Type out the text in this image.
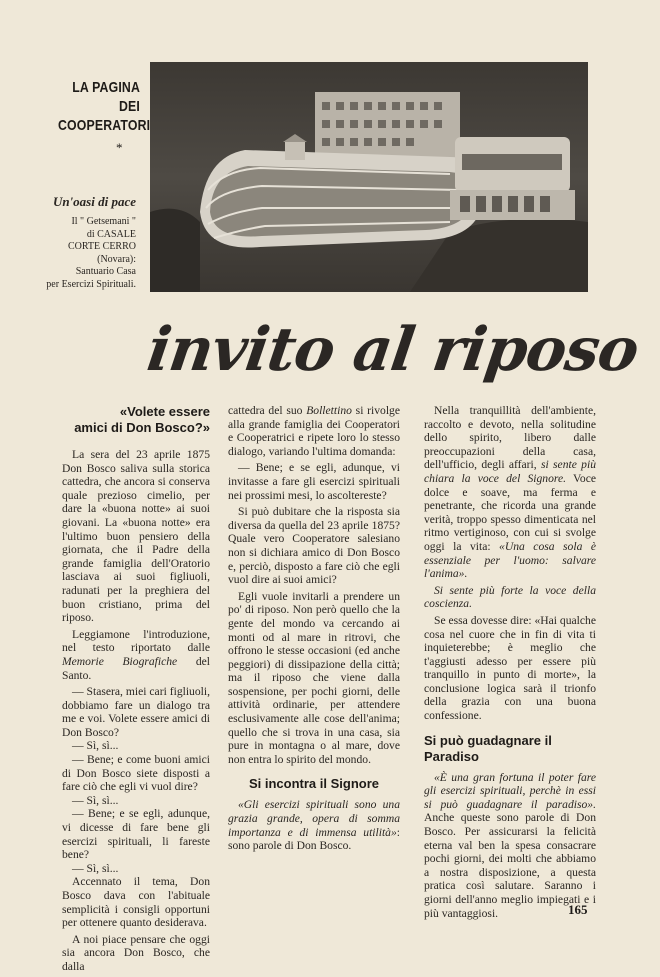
LA PAGINA
DEI COOPERATORI
*
Un'oasi di pace
Il " Getsemani "
di CASALE
CORTE CERRO
(Novara):
Santuario Casa
per Esercizi Spirituali.
invito al riposo
«Volete essere
amici di Don Bosco?»

La sera del 23 aprile 1875 Don Bosco saliva sulla storica cattedra, che ancora si conserva quale prezioso cimelio, per dare la «buona notte» ai suoi giovani. La «buona notte» era l'ultimo buon pensiero della giornata, che il Padre della grande famiglia dell'Oratorio lasciava ai suoi figliuoli, radunati per la preghiera del buon cristiano, prima del riposo.

Leggiamone l'introduzione, nel testo riportato dalle Memorie Biografiche del Santo.

— Stasera, miei cari figliuoli, dobbiamo fare un dialogo tra me e voi. Volete essere amici di Don Bosco?

— Sì, sì...

— Bene; e come buoni amici di Don Bosco siete disposti a fare ciò che egli vi vuol dire?

— Sì, sì...

— Bene; e se egli, adunque, vi dicesse di fare bene gli esercizi spirituali, li fareste bene?

— Sì, sì...

Accennato il tema, Don Bosco dava con l'abituale semplicità i consigli opportuni per ottenere quanto desiderava.

A noi piace pensare che oggi sia ancora Don Bosco, che dalla

cattedra del suo Bollettino si rivolge alla grande famiglia dei Cooperatori e Cooperatrici e ripete loro lo stesso dialogo, variando l'ultima domanda:

— Bene; e se egli, adunque, vi invitasse a fare gli esercizi spirituali nei prossimi mesi, lo ascoltereste?

Si può dubitare che la risposta sia diversa da quella del 23 aprile 1875? Quale vero Cooperatore salesiano non si dichiara amico di Don Bosco e, perciò, disposto a fare ciò che egli vuol dire ai suoi amici?

Egli vuole invitarli a prendere un po' di riposo. Non però quello che la gente del mondo va cercando ai monti od al mare in ritrovi, che offrono le stesse occasioni (ed anche peggiori) di dissipazione della città; ma il riposo che viene dalla sospensione, per pochi giorni, delle attività ordinarie, per attendere esclusivamente alle cose dell'anima; quello che si trova in una casa, sia pure in montagna o al mare, dove non entra lo spirito del mondo.

Si incontra il Signore

«Gli esercizi spirituali sono una grazia grande, opera di somma importanza e di immensa utilità»: sono parole di Don Bosco.

Nella tranquillità dell'ambiente, raccolto e devoto, nella solitudine dello spirito, libero dalle preoccupazioni della casa, dell'ufficio, degli affari, si sente più chiara la voce del Signore. Voce dolce e soave, ma ferma e penetrante, che ricorda una grande verità, troppo spesso dimenticata nel ritmo vertiginoso, con cui si svolge oggi la vita: «Una cosa sola è essenziale per l'uomo: salvare l'anima».

Si sente più forte la voce della coscienza.

Se essa dovesse dire: «Hai qualche cosa nel cuore che in fin di vita ti inquieterebbe; è meglio che t'aggiusti adesso per essere più tranquillo in punto di morte», la conclusione logica sarà il trionfo della grazia con una buona confessione.

Si può guadagnare il Paradiso

«È una gran fortuna il poter fare gli esercizi spirituali, perchè in essi si può guadagnare il paradiso». Anche queste sono parole di Don Bosco. Per assicurarsi la felicità eterna val ben la spesa consacrare pochi giorni, dei molti che abbiamo a nostra disposizione, a questa pratica così salutare. Saranno i giorni dell'anno meglio impiegati e i più vantaggiosi.	165
